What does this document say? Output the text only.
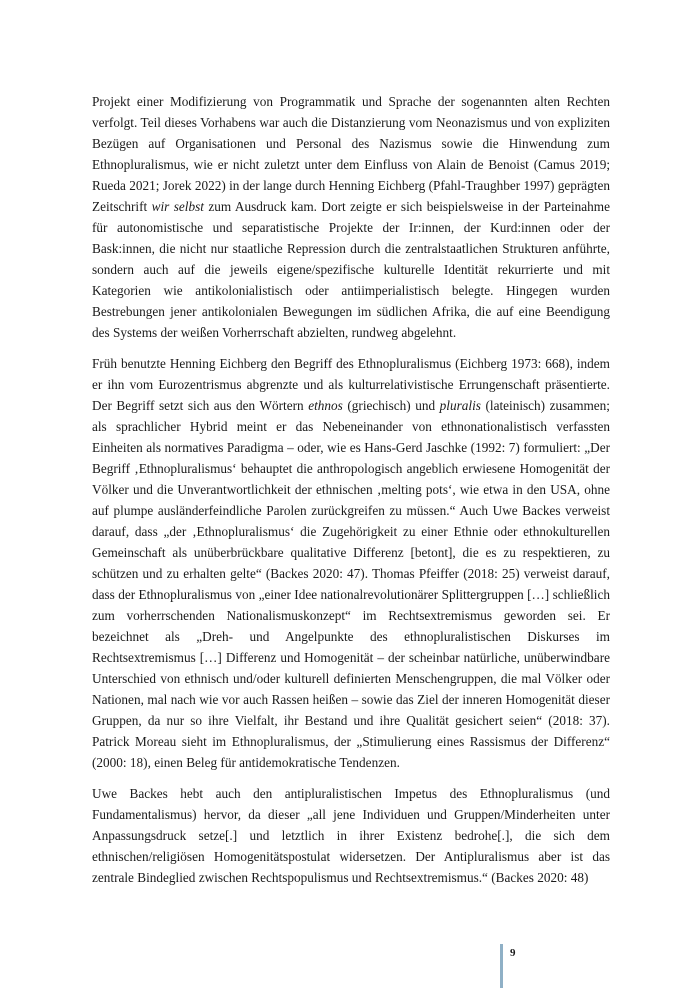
Projekt einer Modifizierung von Programmatik und Sprache der sogenannten alten Rechten verfolgt. Teil dieses Vorhabens war auch die Distanzierung vom Neonazismus und von expliziten Bezügen auf Organisationen und Personal des Nazismus sowie die Hinwendung zum Ethnopluralismus, wie er nicht zuletzt unter dem Einfluss von Alain de Benoist (Camus 2019; Rueda 2021; Jorek 2022) in der lange durch Henning Eichberg (Pfahl-Traughber 1997) geprägten Zeitschrift wir selbst zum Ausdruck kam. Dort zeigte er sich beispielsweise in der Parteinahme für autonomistische und separatistische Projekte der Ir:innen, der Kurd:innen oder der Bask:innen, die nicht nur staatliche Repression durch die zentralstaatlichen Strukturen anführte, sondern auch auf die jeweils eigene/spezifische kulturelle Identität rekurrierte und mit Kategorien wie antikolonialistisch oder antiimperialistisch belegte. Hingegen wurden Bestrebungen jener antikolonialen Bewegungen im südlichen Afrika, die auf eine Beendigung des Systems der weißen Vorherrschaft abzielten, rundweg abgelehnt.

Früh benutzte Henning Eichberg den Begriff des Ethnopluralismus (Eichberg 1973: 668), indem er ihn vom Eurozentrismus abgrenzte und als kulturrelativistische Errungenschaft präsentierte. Der Begriff setzt sich aus den Wörtern ethnos (griechisch) und pluralis (lateinisch) zusammen; als sprachlicher Hybrid meint er das Nebeneinander von ethnonationalistisch verfassten Einheiten als normatives Paradigma – oder, wie es Hans-Gerd Jaschke (1992: 7) formuliert: „Der Begriff ‚Ethnopluralismus‘ behauptet die anthropologisch angeblich erwiesene Homogenität der Völker und die Unverantwortlichkeit der ethnischen ‚melting pots‘, wie etwa in den USA, ohne auf plumpe ausländerfeindliche Parolen zurückgreifen zu müssen.“ Auch Uwe Backes verweist darauf, dass „der ‚Ethnopluralismus‘ die Zugehörigkeit zu einer Ethnie oder ethnokulturellen Gemeinschaft als unüberbrückbare qualitative Differenz [betont], die es zu respektieren, zu schützen und zu erhalten gelte“ (Backes 2020: 47). Thomas Pfeiffer (2018: 25) verweist darauf, dass der Ethnopluralismus von „einer Idee nationalrevolutionärer Splittergruppen […] schließlich zum vorherrschenden Nationalismuskonzept“ im Rechtsextremismus geworden sei. Er bezeichnet als „Dreh- und Angelpunkte des ethnopluralistischen Diskurses im Rechtsextremismus […] Differenz und Homogenität – der scheinbar natürliche, unüberwindbare Unterschied von ethnisch und/oder kulturell definierten Menschengruppen, die mal Völker oder Nationen, mal nach wie vor auch Rassen heißen – sowie das Ziel der inneren Homogenität dieser Gruppen, da nur so ihre Vielfalt, ihr Bestand und ihre Qualität gesichert seien“ (2018: 37). Patrick Moreau sieht im Ethnopluralismus, der „Stimulierung eines Rassismus der Differenz“ (2000: 18), einen Beleg für antidemokratische Tendenzen.

Uwe Backes hebt auch den antipluralistischen Impetus des Ethnopluralismus (und Fundamentalismus) hervor, da dieser „all jene Individuen und Gruppen/Minderheiten unter Anpassungsdruck setze[.] und letztlich in ihrer Existenz bedrohe[.], die sich dem ethnischen/religiösen Homogenitätspostulat widersetzen. Der Antipluralismus aber ist das zentrale Bindeglied zwischen Rechtspopulismus und Rechtsextremismus.“ (Backes 2020: 48)

9
